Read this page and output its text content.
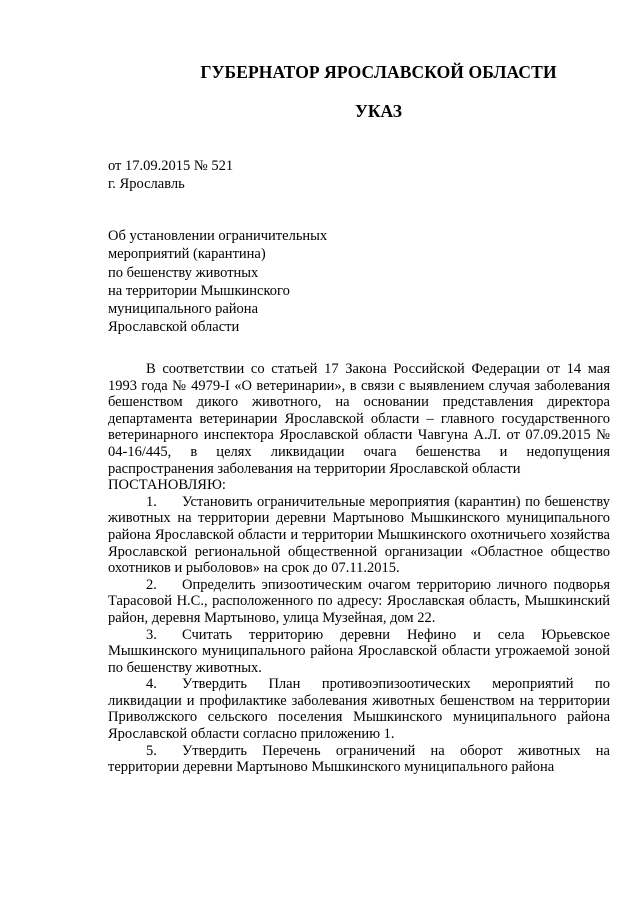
ГУБЕРНАТОР ЯРОСЛАВСКОЙ ОБЛАСТИ
УКАЗ
от 17.09.2015 № 521
г. Ярославль
Об установлении ограничительных
мероприятий (карантина)
по бешенству животных
на территории Мышкинского
муниципального района
Ярославской области

В соответствии со статьей 17 Закона Российской Федерации от 14 мая 1993 года № 4979-I «О ветеринарии», в связи с выявлением случая заболевания бешенством дикого животного, на основании представления директора департамента ветеринарии Ярославской области – главного государственного ветеринарного инспектора Ярославской области Чавгуна А.Л. от 07.09.2015 № 04-16/445, в целях ликвидации очага бешенства и недопущения распространения заболевания на территории Ярославской области

ПОСТАНОВЛЯЮ:

1. Установить ограничительные мероприятия (карантин) по бешенству животных на территории деревни Мартыново Мышкинского муниципального района Ярославской области и территории Мышкинского охотничьего хозяйства Ярославской региональной общественной организации «Областное общество охотников и рыболовов» на срок до 07.11.2015.

2. Определить эпизоотическим очагом территорию личного подворья Тарасовой Н.С., расположенного по адресу: Ярославская область, Мышкинский район, деревня Мартыново, улица Музейная, дом 22.

3. Считать территорию деревни Нефино и села Юрьевское Мышкинского муниципального района Ярославской области угрожаемой зоной по бешенству животных.

4. Утвердить План противоэпизоотических мероприятий по ликвидации и профилактике заболевания животных бешенством на территории Приволжского сельского поселения Мышкинского муниципального района Ярославской области согласно приложению 1.

5. Утвердить Перечень ограничений на оборот животных на территории деревни Мартыново Мышкинского муниципального района
